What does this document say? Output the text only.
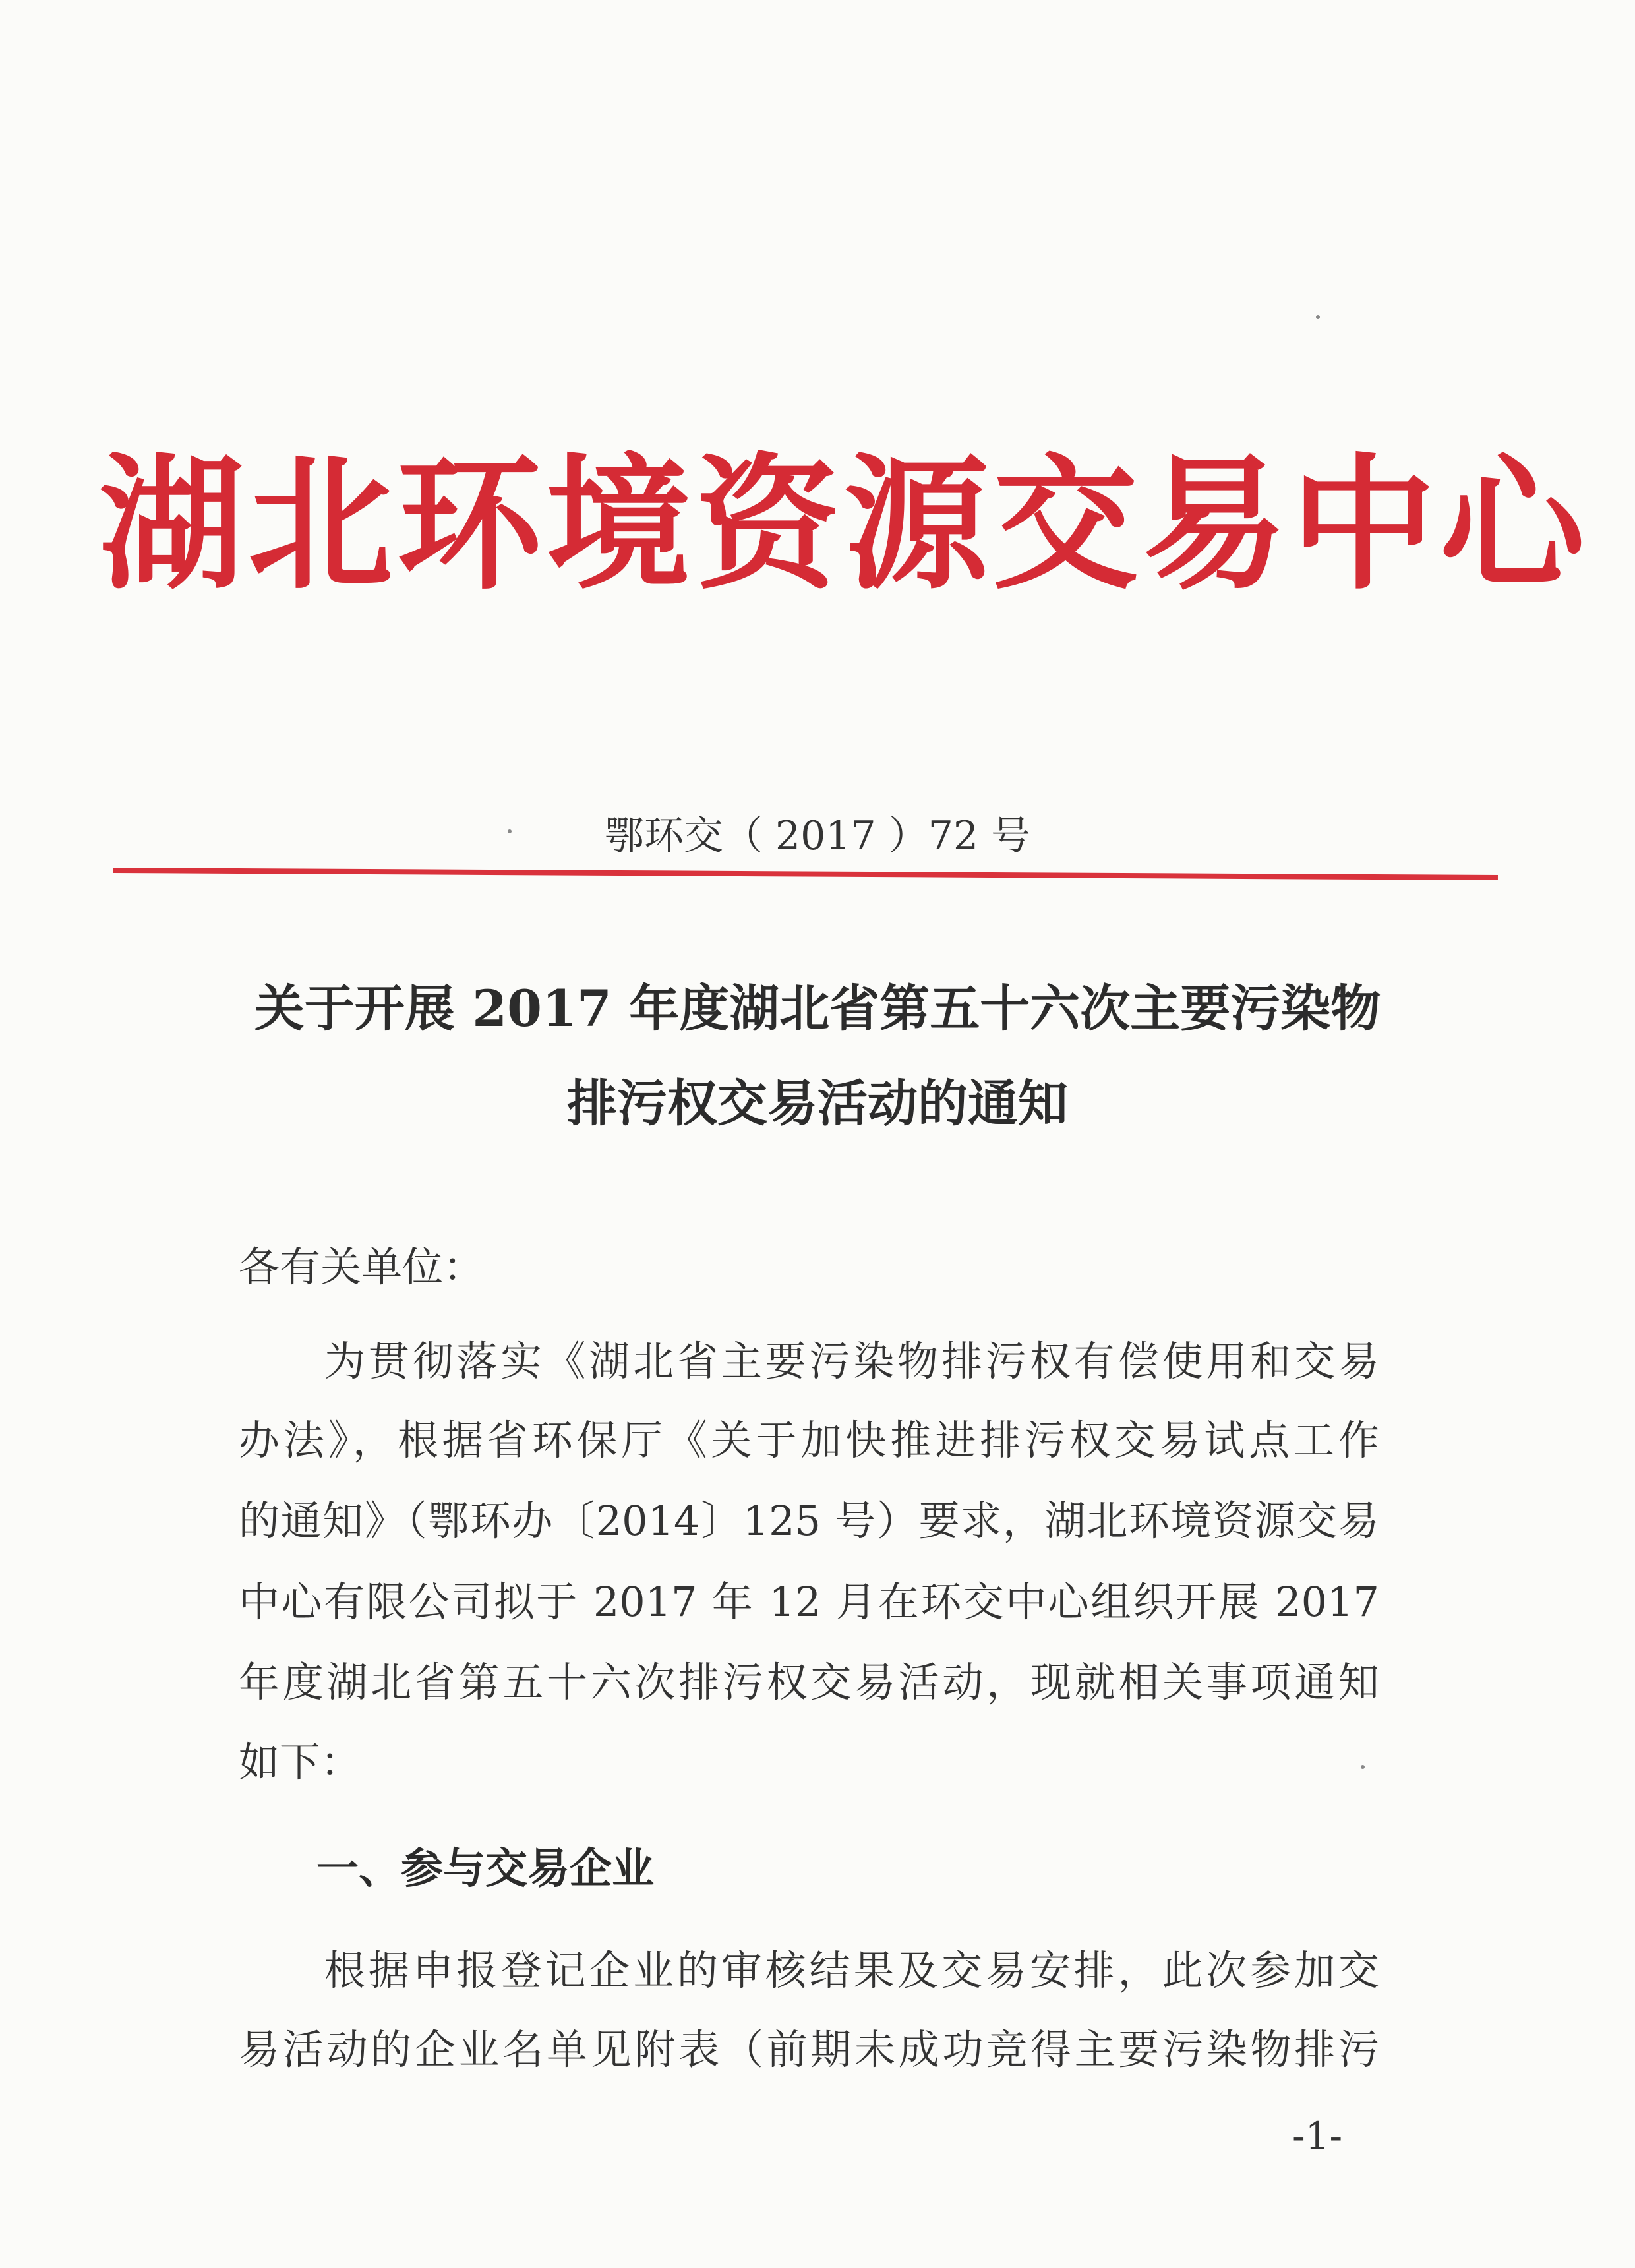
湖北环境资源交易中心
鄂环交（ 2017 ）72 号
关于开展 2017 年度湖北省第五十六次主要污染物
排污权交易活动的通知
各有关单位：
为贯彻落实《湖北省主要污染物排污权有偿使用和交易
办法》，根据省环保厅《关于加快推进排污权交易试点工作
的通知》（鄂环办〔2014〕125 号）要求，湖北环境资源交易
中心有限公司拟于 2017 年 12 月在环交中心组织开展 2017
年度湖北省第五十六次排污权交易活动，现就相关事项通知
如下：
一、参与交易企业
根据申报登记企业的审核结果及交易安排，此次参加交
易活动的企业名单见附表（前期未成功竞得主要污染物排污
-1-
